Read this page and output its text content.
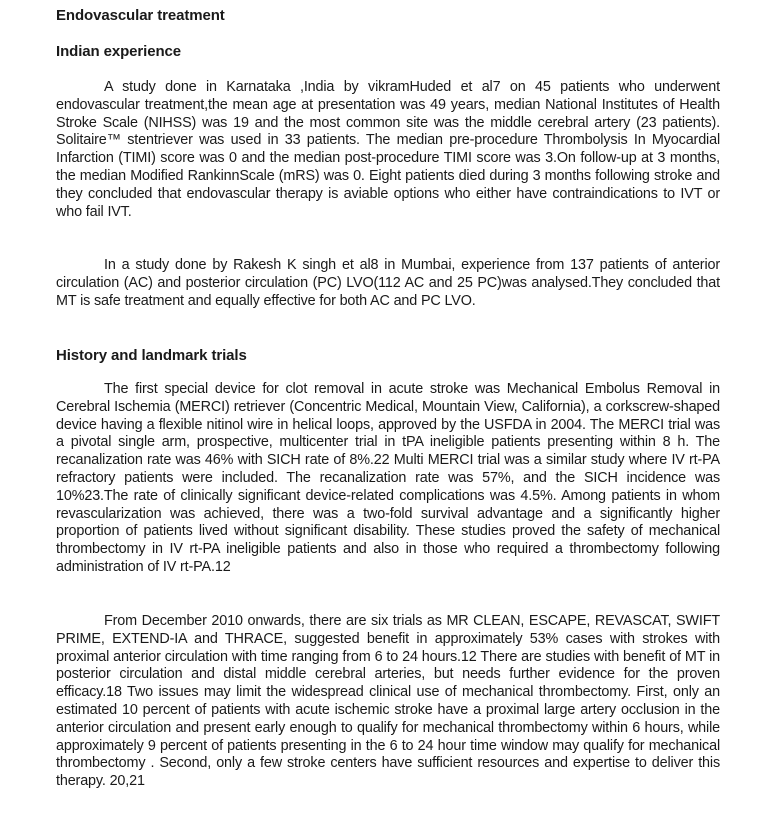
Endovascular treatment
Indian experience

A study done in Karnataka ,India by vikramHuded et al7 on 45 patients who underwent endovascular treatment,the mean age at presentation was 49 years, median National Institutes of Health Stroke Scale (NIHSS) was 19 and the most common site was the middle cerebral artery (23 patients). Solitaire™ stentriever was used in 33 patients. The median pre-procedure Thrombolysis In Myocardial Infarction (TIMI) score was 0 and the median post-procedure TIMI score was 3.On follow-up at 3 months, the median Modified RankinnScale (mRS) was 0. Eight patients died during 3 months following stroke and they concluded that endovascular therapy is aviable options who either have contraindications to IVT or who fail IVT.

In a study done by Rakesh K singh et al8 in Mumbai, experience from 137 patients of anterior circulation (AC) and posterior circulation (PC) LVO(112 AC and 25 PC)was analysed.They concluded that MT is safe treatment and equally effective for both AC and PC LVO.

History and landmark trials

The first special device for clot removal in acute stroke was Mechanical Embolus Removal in Cerebral Ischemia (MERCI) retriever (Concentric Medical, Mountain View, California), a corkscrew-shaped device having a flexible nitinol wire in helical loops, approved by the USFDA in 2004. The MERCI trial was a pivotal single arm, prospective, multicenter trial in tPA ineligible patients presenting within 8 h. The recanalization rate was 46% with SICH rate of 8%.22 Multi MERCI trial was a similar study where IV rt-PA refractory patients were included. The recanalization rate was 57%, and the SICH incidence was 10%23.The rate of clinically significant device-related complications was 4.5%. Among patients in whom revascularization was achieved, there was a two-fold survival advantage and a significantly higher proportion of patients lived without significant disability. These studies proved the safety of mechanical thrombectomy in IV rt-PA ineligible patients and also in those who required a thrombectomy following administration of IV rt-PA.12

From December 2010 onwards, there are six trials as MR CLEAN, ESCAPE, REVASCAT, SWIFT PRIME, EXTEND-IA and THRACE, suggested benefit in approximately 53% cases with strokes with proximal anterior circulation with time ranging from 6 to 24 hours.12 There are studies with benefit of MT in posterior circulation and distal middle cerebral arteries, but needs further evidence for the proven efficacy.18 Two issues may limit the widespread clinical use of mechanical thrombectomy. First, only an estimated 10 percent of patients with acute ischemic stroke have a proximal large artery occlusion in the anterior circulation and present early enough to qualify for mechanical thrombectomy within 6 hours, while approximately 9 percent of patients presenting in the 6 to 24 hour time window may qualify for mechanical thrombectomy . Second, only a few stroke centers have sufficient resources and expertise to deliver this therapy. 20,21
